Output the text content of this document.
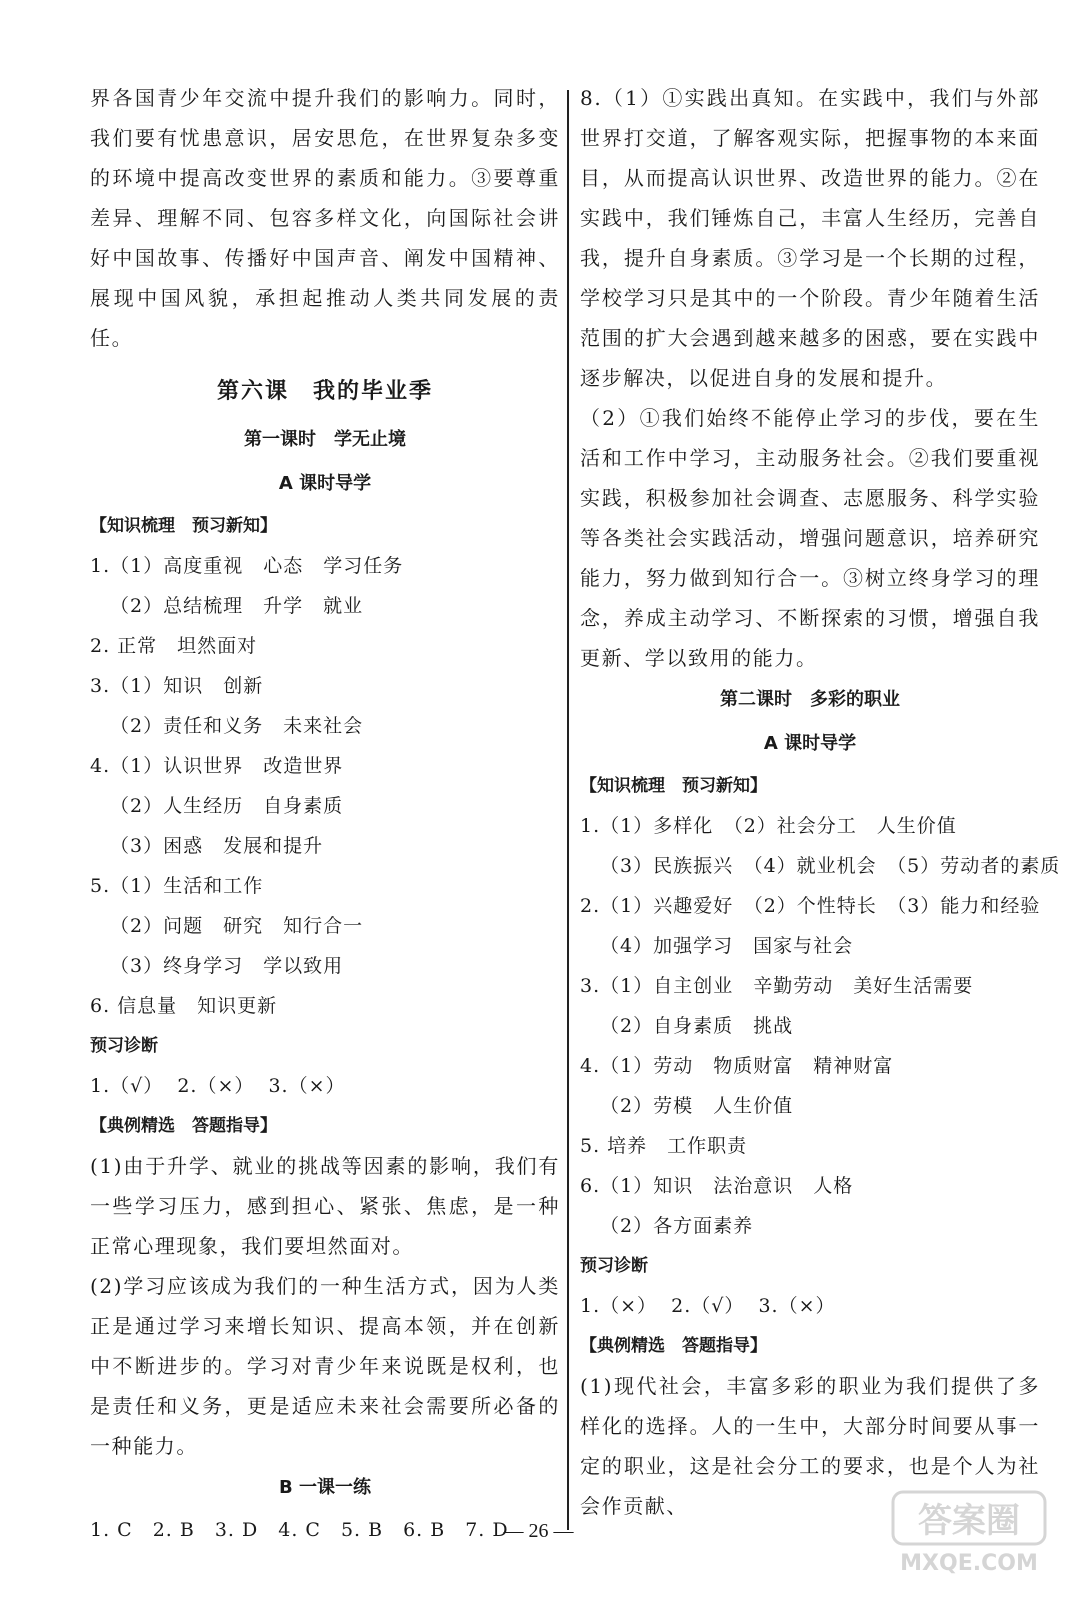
界各国青少年交流中提升我们的影响力。同时，我们要有忧患意识，居安思危，在世界复杂多变的环境中提高改变世界的素质和能力。③要尊重差异、理解不同、包容多样文化，向国际社会讲好中国故事、传播好中国声音、阐发中国精神、展现中国风貌，承担起推动人类共同发展的责任。

第六课　我的毕业季
第一课时　学无止境
A 课时导学
【知识梳理　预习新知】
1.（1）高度重视　心态　学习任务
（2）总结梳理　升学　就业
2. 正常　坦然面对
3.（1）知识　创新
（2）责任和义务　未来社会
4.（1）认识世界　改造世界
（2）人生经历　自身素质
（3）困惑　发展和提升
5.（1）生活和工作
（2）问题　研究　知行合一
（3）终身学习　学以致用
6. 信息量　知识更新
预习诊断
1.（√）  2.（×）  3.（×）
【典例精选　答题指导】

(1)由于升学、就业的挑战等因素的影响，我们有一些学习压力，感到担心、紧张、焦虑，是一种正常心理现象，我们要坦然面对。

(2)学习应该成为我们的一种生活方式，因为人类正是通过学习来增长知识、提高本领，并在创新中不断进步的。学习对青少年来说既是权利，也是责任和义务，更是适应未来社会需要所必备的一种能力。

B 一课一练
1. C　2. B　3. D　4. C　5. B　6. B　7. D

8.（1）①实践出真知。在实践中，我们与外部世界打交道，了解客观实际，把握事物的本来面目，从而提高认识世界、改造世界的能力。②在实践中，我们锤炼自己，丰富人生经历，完善自我，提升自身素质。③学习是一个长期的过程，学校学习只是其中的一个阶段。青少年随着生活范围的扩大会遇到越来越多的困惑，要在实践中逐步解决，以促进自身的发展和提升。

（2）①我们始终不能停止学习的步伐，要在生活和工作中学习，主动服务社会。②我们要重视实践，积极参加社会调查、志愿服务、科学实验等各类社会实践活动，增强问题意识，培养研究能力，努力做到知行合一。③树立终身学习的理念，养成主动学习、不断探索的习惯，增强自我更新、学以致用的能力。

第二课时　多彩的职业
A 课时导学
【知识梳理　预习新知】
1.（1）多样化　（2）社会分工　人生价值
（3）民族振兴　（4）就业机会　（5）劳动者的素质
2.（1）兴趣爱好　（2）个性特长　（3）能力和经验
（4）加强学习　国家与社会
3.（1）自主创业　辛勤劳动　美好生活需要
（2）自身素质　挑战
4.（1）劳动　物质财富　精神财富
（2）劳模　人生价值
5. 培养　工作职责
6.（1）知识　法治意识　人格
（2）各方面素养
预习诊断
1.（×）  2.（√）  3.（×）
【典例精选　答题指导】

(1)现代社会，丰富多彩的职业为我们提供了多样化的选择。人的一生中，大部分时间要从事一定的职业，这是社会分工的要求，也是个人为社会作贡献、

— 26 —	答案圈
MXQE.COM
